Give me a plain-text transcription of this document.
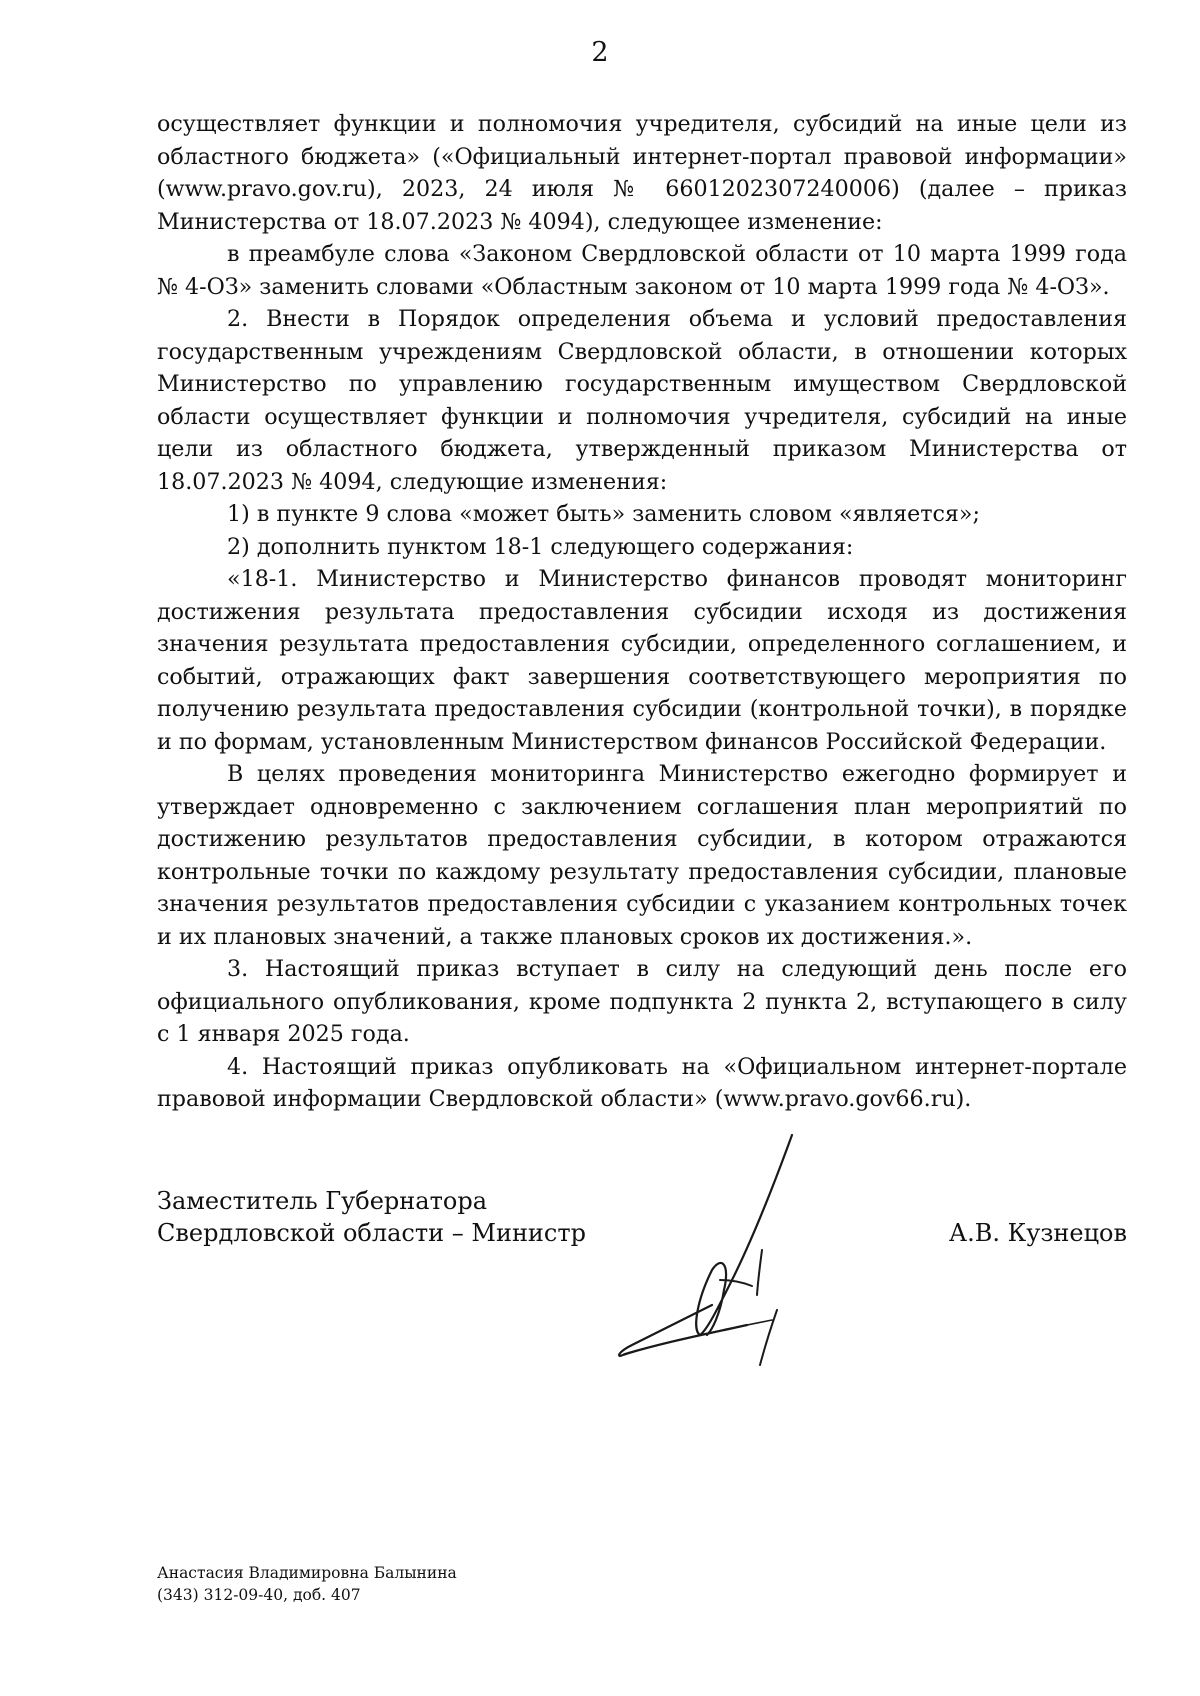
2

осуществляет функции и полномочия учредителя, субсидий на иные цели из областного бюджета» («Официальный интернет-портал правовой информации» (www.pravo.gov.ru), 2023, 24 июля № 6601202307240006) (далее – приказ Министерства от 18.07.2023 № 4094), следующее изменение:

в преамбуле слова «Законом Свердловской области от 10 марта 1999 года № 4-ОЗ» заменить словами «Областным законом от 10 марта 1999 года № 4-ОЗ».

2. Внести в Порядок определения объема и условий предоставления государственным учреждениям Свердловской области, в отношении которых Министерство по управлению государственным имуществом Свердловской области осуществляет функции и полномочия учредителя, субсидий на иные цели из областного бюджета, утвержденный приказом Министерства от 18.07.2023 № 4094, следующие изменения:

1) в пункте 9 слова «может быть» заменить словом «является»;

2) дополнить пунктом 18-1 следующего содержания:

«18-1. Министерство и Министерство финансов проводят мониторинг достижения результата предоставления субсидии исходя из достижения значения результата предоставления субсидии, определенного соглашением, и событий, отражающих факт завершения соответствующего мероприятия по получению результата предоставления субсидии (контрольной точки), в порядке и по формам, установленным Министерством финансов Российской Федерации.

В целях проведения мониторинга Министерство ежегодно формирует и утверждает одновременно с заключением соглашения план мероприятий по достижению результатов предоставления субсидии, в котором отражаются контрольные точки по каждому результату предоставления субсидии, плановые значения результатов предоставления субсидии с указанием контрольных точек и их плановых значений, а также плановых сроков их достижения.».

3. Настоящий приказ вступает в силу на следующий день после его официального опубликования, кроме подпункта 2 пункта 2, вступающего в силу с 1 января 2025 года.

4. Настоящий приказ опубликовать на «Официальном интернет-портале правовой информации Свердловской области» (www.pravo.gov66.ru).

Заместитель Губернатора
Свердловской области – Министр	А.В. Кузнецов
Анастасия Владимировна Балынина
(343) 312-09-40, доб. 407
